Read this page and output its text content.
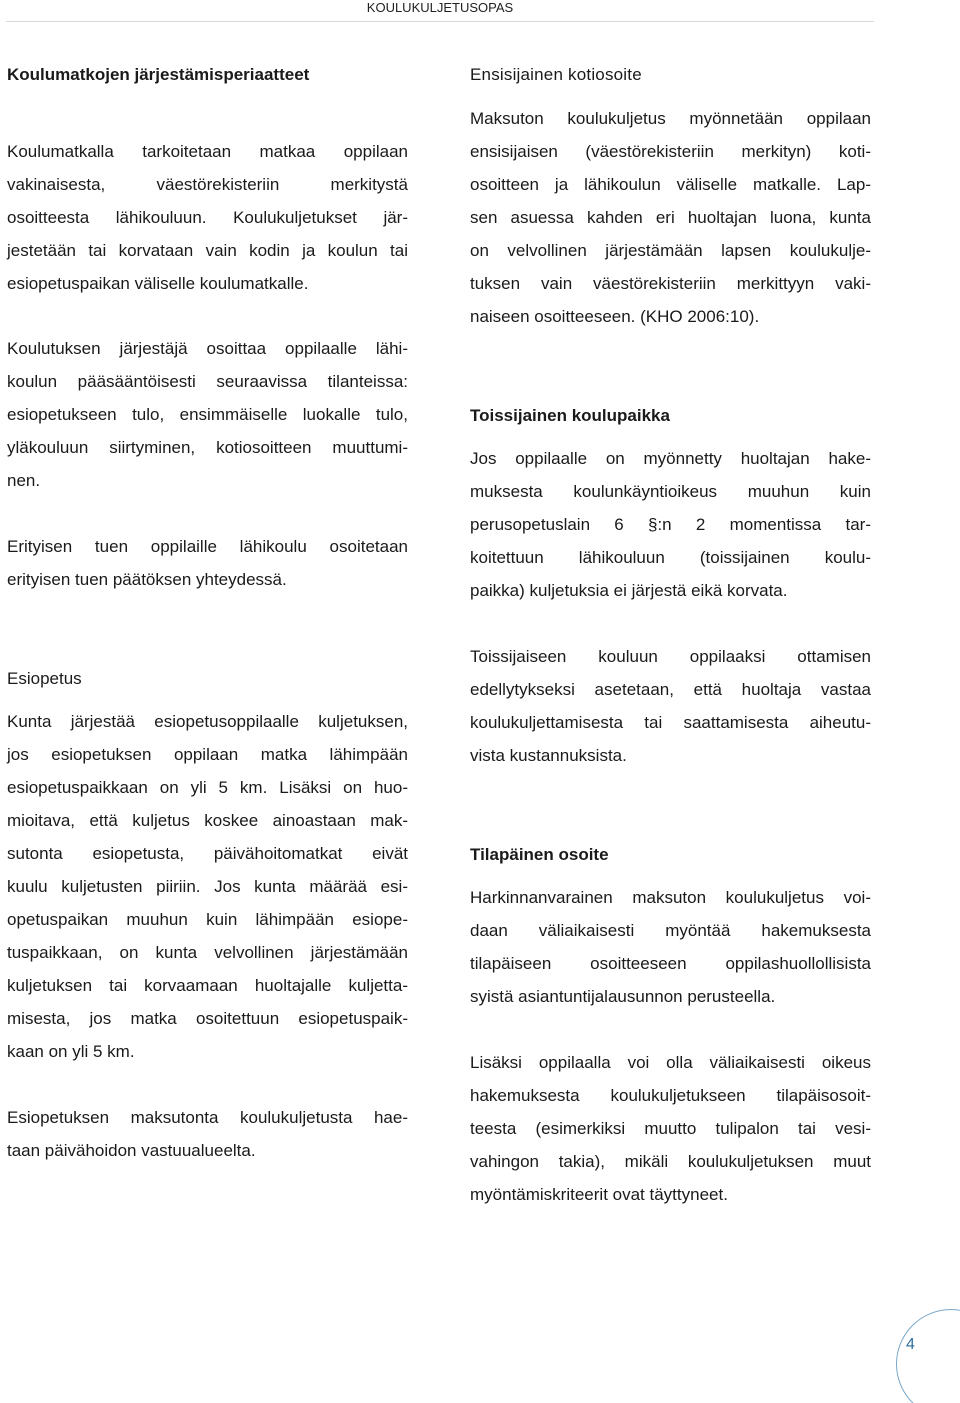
KOULUKULJETUSOPAS
Koulumatkojen järjestämisperiaatteet
Koulumatkalla tarkoitetaan matkaa oppilaan
vakinaisesta, väestörekisteriin merkitystä
osoitteesta lähikouluun. Koulukuljetukset jär-
jestetään tai korvataan vain kodin ja koulun tai
esiopetuspaikan väliselle koulumatkalle.
Koulutuksen järjestäjä osoittaa oppilaalle lähi-
koulun pääsääntöisesti seuraavissa tilanteissa:
esiopetukseen tulo, ensimmäiselle luokalle tulo,
yläkouluun siirtyminen, kotiosoitteen muuttumi-
nen.
Erityisen tuen oppilaille lähikoulu osoitetaan
erityisen tuen päätöksen yhteydessä.
Esiopetus
Kunta järjestää esiopetusoppilaalle kuljetuksen,
jos esiopetuksen oppilaan matka lähimpään
esiopetuspaikkaan on yli 5 km. Lisäksi on huo-
mioitava, että kuljetus koskee ainoastaan mak-
sutonta esiopetusta, päivähoitomatkat eivät
kuulu kuljetusten piiriin. Jos kunta määrää esi-
opetuspaikan muuhun kuin lähimpään esiope-
tuspaikkaan, on kunta velvollinen järjestämään
kuljetuksen tai korvaamaan huoltajalle kuljetta-
misesta, jos matka osoitettuun esiopetuspaik-
kaan on yli 5 km.
Esiopetuksen maksutonta koulukuljetusta hae-
taan päivähoidon vastuualueelta.
Ensisijainen kotiosoite
Maksuton koulukuljetus myönnetään oppilaan
ensisijaisen (väestörekisteriin merkityn) koti-
osoitteen ja lähikoulun väliselle matkalle. Lap-
sen asuessa kahden eri huoltajan luona, kunta
on velvollinen järjestämään lapsen koulukulje-
tuksen vain väestörekisteriin merkittyyn vaki-
naiseen osoitteeseen. (KHO 2006:10).
Toissijainen koulupaikka
Jos oppilaalle on myönnetty huoltajan hake-
muksesta koulunkäyntioikeus muuhun kuin
perusopetuslain 6 §:n 2 momentissa tar-
koitettuun lähikouluun (toissijainen koulu-
paikka) kuljetuksia ei järjestä eikä korvata.
Toissijaiseen kouluun oppilaaksi ottamisen
edellytykseksi asetetaan, että huoltaja vastaa
koulukuljettamisesta tai saattamisesta aiheutu-
vista kustannuksista.
Tilapäinen osoite
Harkinnanvarainen maksuton koulukuljetus voi-
daan väliaikaisesti myöntää hakemuksesta
tilapäiseen osoitteeseen oppilashuollollisista
syistä asiantuntijalausunnon perusteella.
Lisäksi oppilaalla voi olla väliaikaisesti oikeus
hakemuksesta koulukuljetukseen tilapäisosoit-
teesta (esimerkiksi muutto tulipalon tai vesi-
vahingon takia), mikäli koulukuljetuksen muut
myöntämiskriteerit ovat täyttyneet.
4
